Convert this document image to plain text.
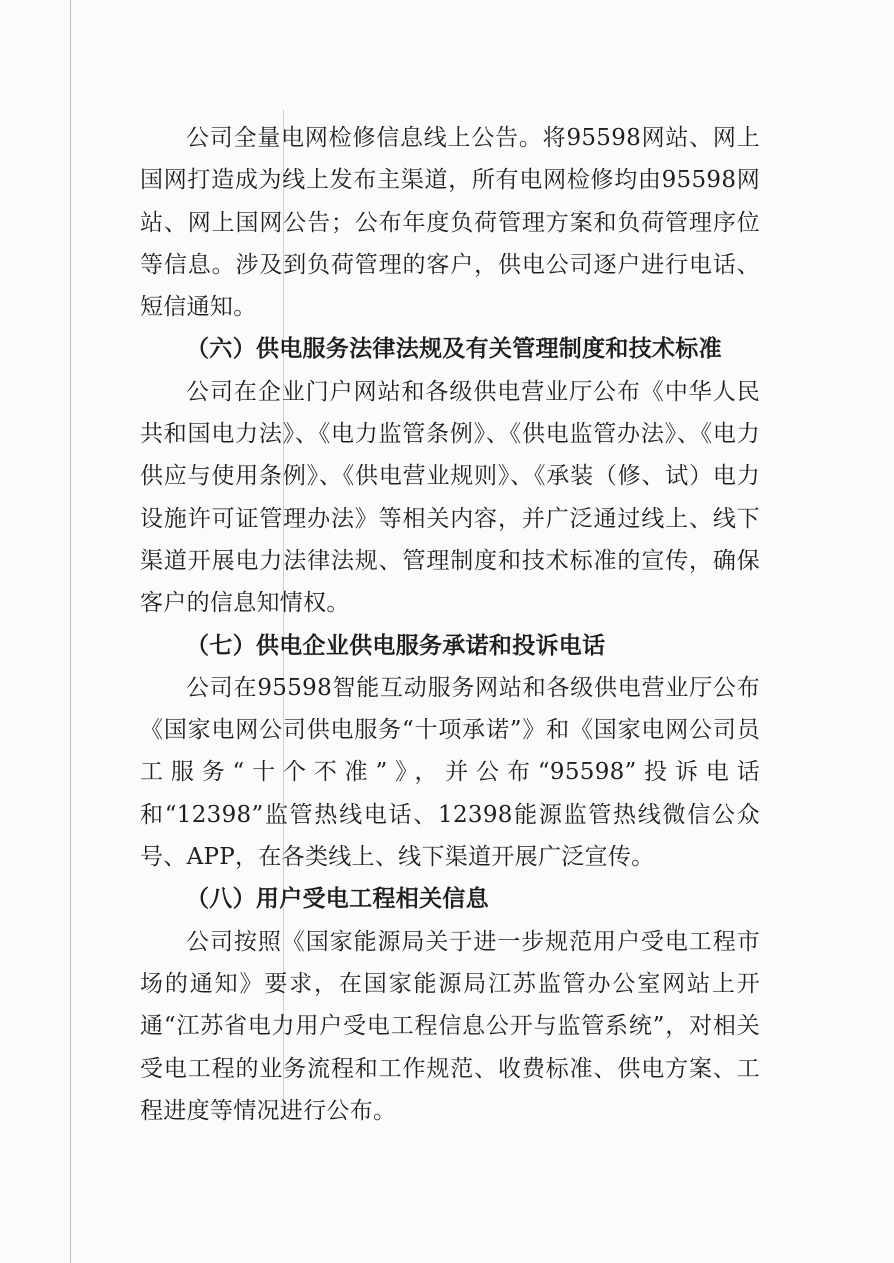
公司全量电网检修信息线上公告。将95598网站、网上国网打造成为线上发布主渠道，所有电网检修均由95598网站、网上国网公告；公布年度负荷管理方案和负荷管理序位等信息。涉及到负荷管理的客户，供电公司逐户进行电话、短信通知。

（六）供电服务法律法规及有关管理制度和技术标准

公司在企业门户网站和各级供电营业厅公布《中华人民共和国电力法》、《电力监管条例》、《供电监管办法》、《电力供应与使用条例》、《供电营业规则》、《承装（修、试）电力设施许可证管理办法》等相关内容，并广泛通过线上、线下渠道开展电力法律法规、管理制度和技术标准的宣传，确保客户的信息知情权。

（七）供电企业供电服务承诺和投诉电话

公司在95598智能互动服务网站和各级供电营业厅公布《国家电网公司供电服务“十项承诺”》和《国家电网公司员工服务“十个不准”》，并公布“95598”投诉电话和“12398”监管热线电话、12398能源监管热线微信公众号、APP，在各类线上、线下渠道开展广泛宣传。

（八）用户受电工程相关信息

公司按照《国家能源局关于进一步规范用户受电工程市场的通知》要求，在国家能源局江苏监管办公室网站上开通“江苏省电力用户受电工程信息公开与监管系统”，对相关受电工程的业务流程和工作规范、收费标准、供电方案、工程进度等情况进行公布。
